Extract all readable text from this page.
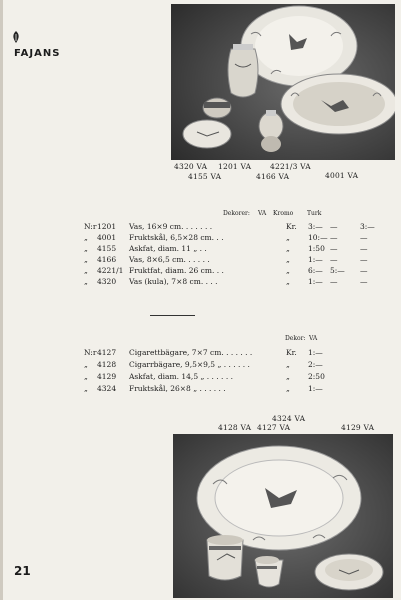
FAJANS
4320 VA 1201 VA	4221/3 VA
4155 VA	4166 VA	4001 VA
Dekorer: VA Kromo Turk
N:r 1201 Vas, 16×9 cm. . . . . . .	Kr. 3:— —	3:—
„ 4001 Fruktskål, 6,5×28 cm. . .	„ 10:— —	—
„ 4155 Askfat, diam. 11 „ . .	„ 1:50 —	—
„ 4166 Vas, 8×6,5 cm. . . . . .	„ 1:— —	—
„ 4221/1 Fruktfat, diam. 26 cm. . .	„ 6:— 5:— —
„ 4320 Vas (kula), 7×8 cm. . . .	„ 1:— —	—
Dekor: VA
N:r 4127 Cigarettbägare, 7×7 cm. . . . . . .	Kr. 1:—
„ 4128 Cigarrbägare, 9,5×9,5 „ . . . . . .	„ 2:—
„ 4129 Askfat, diam. 14,5 „ . . . . . .	„ 2:50
„ 4324 Fruktskål, 26×8 „ . . . . . .	„ 1:—
4324 VA
4128 VA 4127 VA	4129 VA
21
